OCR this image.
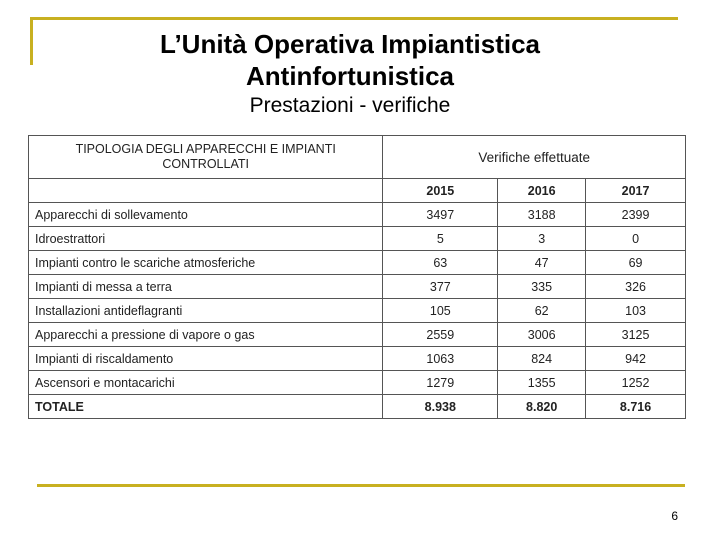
L’Unità Operativa Impiantistica
Antinfortunistica
Prestazioni - verifiche
TIPOLOGIA DEGLI APPARECCHI E IMPIANTI CONTROLLATI	Verifiche effettuate		
	2015	2016	2017
Apparecchi di sollevamento	3497	3188	2399
Idroestrattori	5	3	0
Impianti contro le scariche atmosferiche	63	47	69
Impianti di messa a terra	377	335	326
Installazioni antideflagranti	105	62	103
Apparecchi a pressione di vapore o gas	2559	3006	3125
Impianti di riscaldamento	1063	824	942
Ascensori e montacarichi	1279	1355	1252
TOTALE	8.938	8.820	8.716
6
